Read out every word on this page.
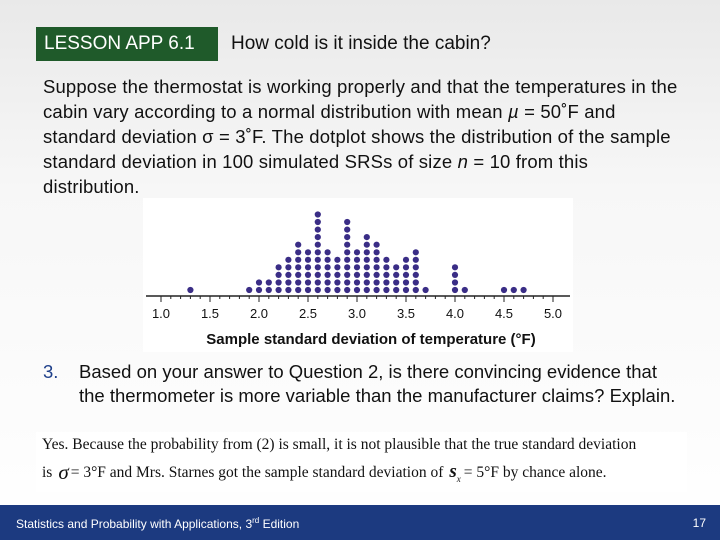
LESSON APP 6.1 How cold is it inside the cabin?
Suppose the thermostat is working properly and that the temperatures in the cabin vary according to a normal distribution with mean µ = 50˚F and standard deviation σ = 3˚F. The dotplot shows the distribution of the sample standard deviation in 100 simulated SRSs of size n = 10 from this distribution.
1.0 1.5 2.0 2.5 3.0 3.5 4.0 4.5 5.0
Sample standard deviation of temperature (°F)
3. Based on your answer to Question 2, is there convincing evidence that the thermometer is more variable than the manufacturer claims? Explain.
Yes. Because the probability from (2) is small, it is not plausible that the true standard deviation
is σ = 3°F and Mrs. Starnes got the sample standard deviation of $s_x = 5^\circ F$ by chance alone.
Statistics and Probability with Applications, 3rd Edition	17
